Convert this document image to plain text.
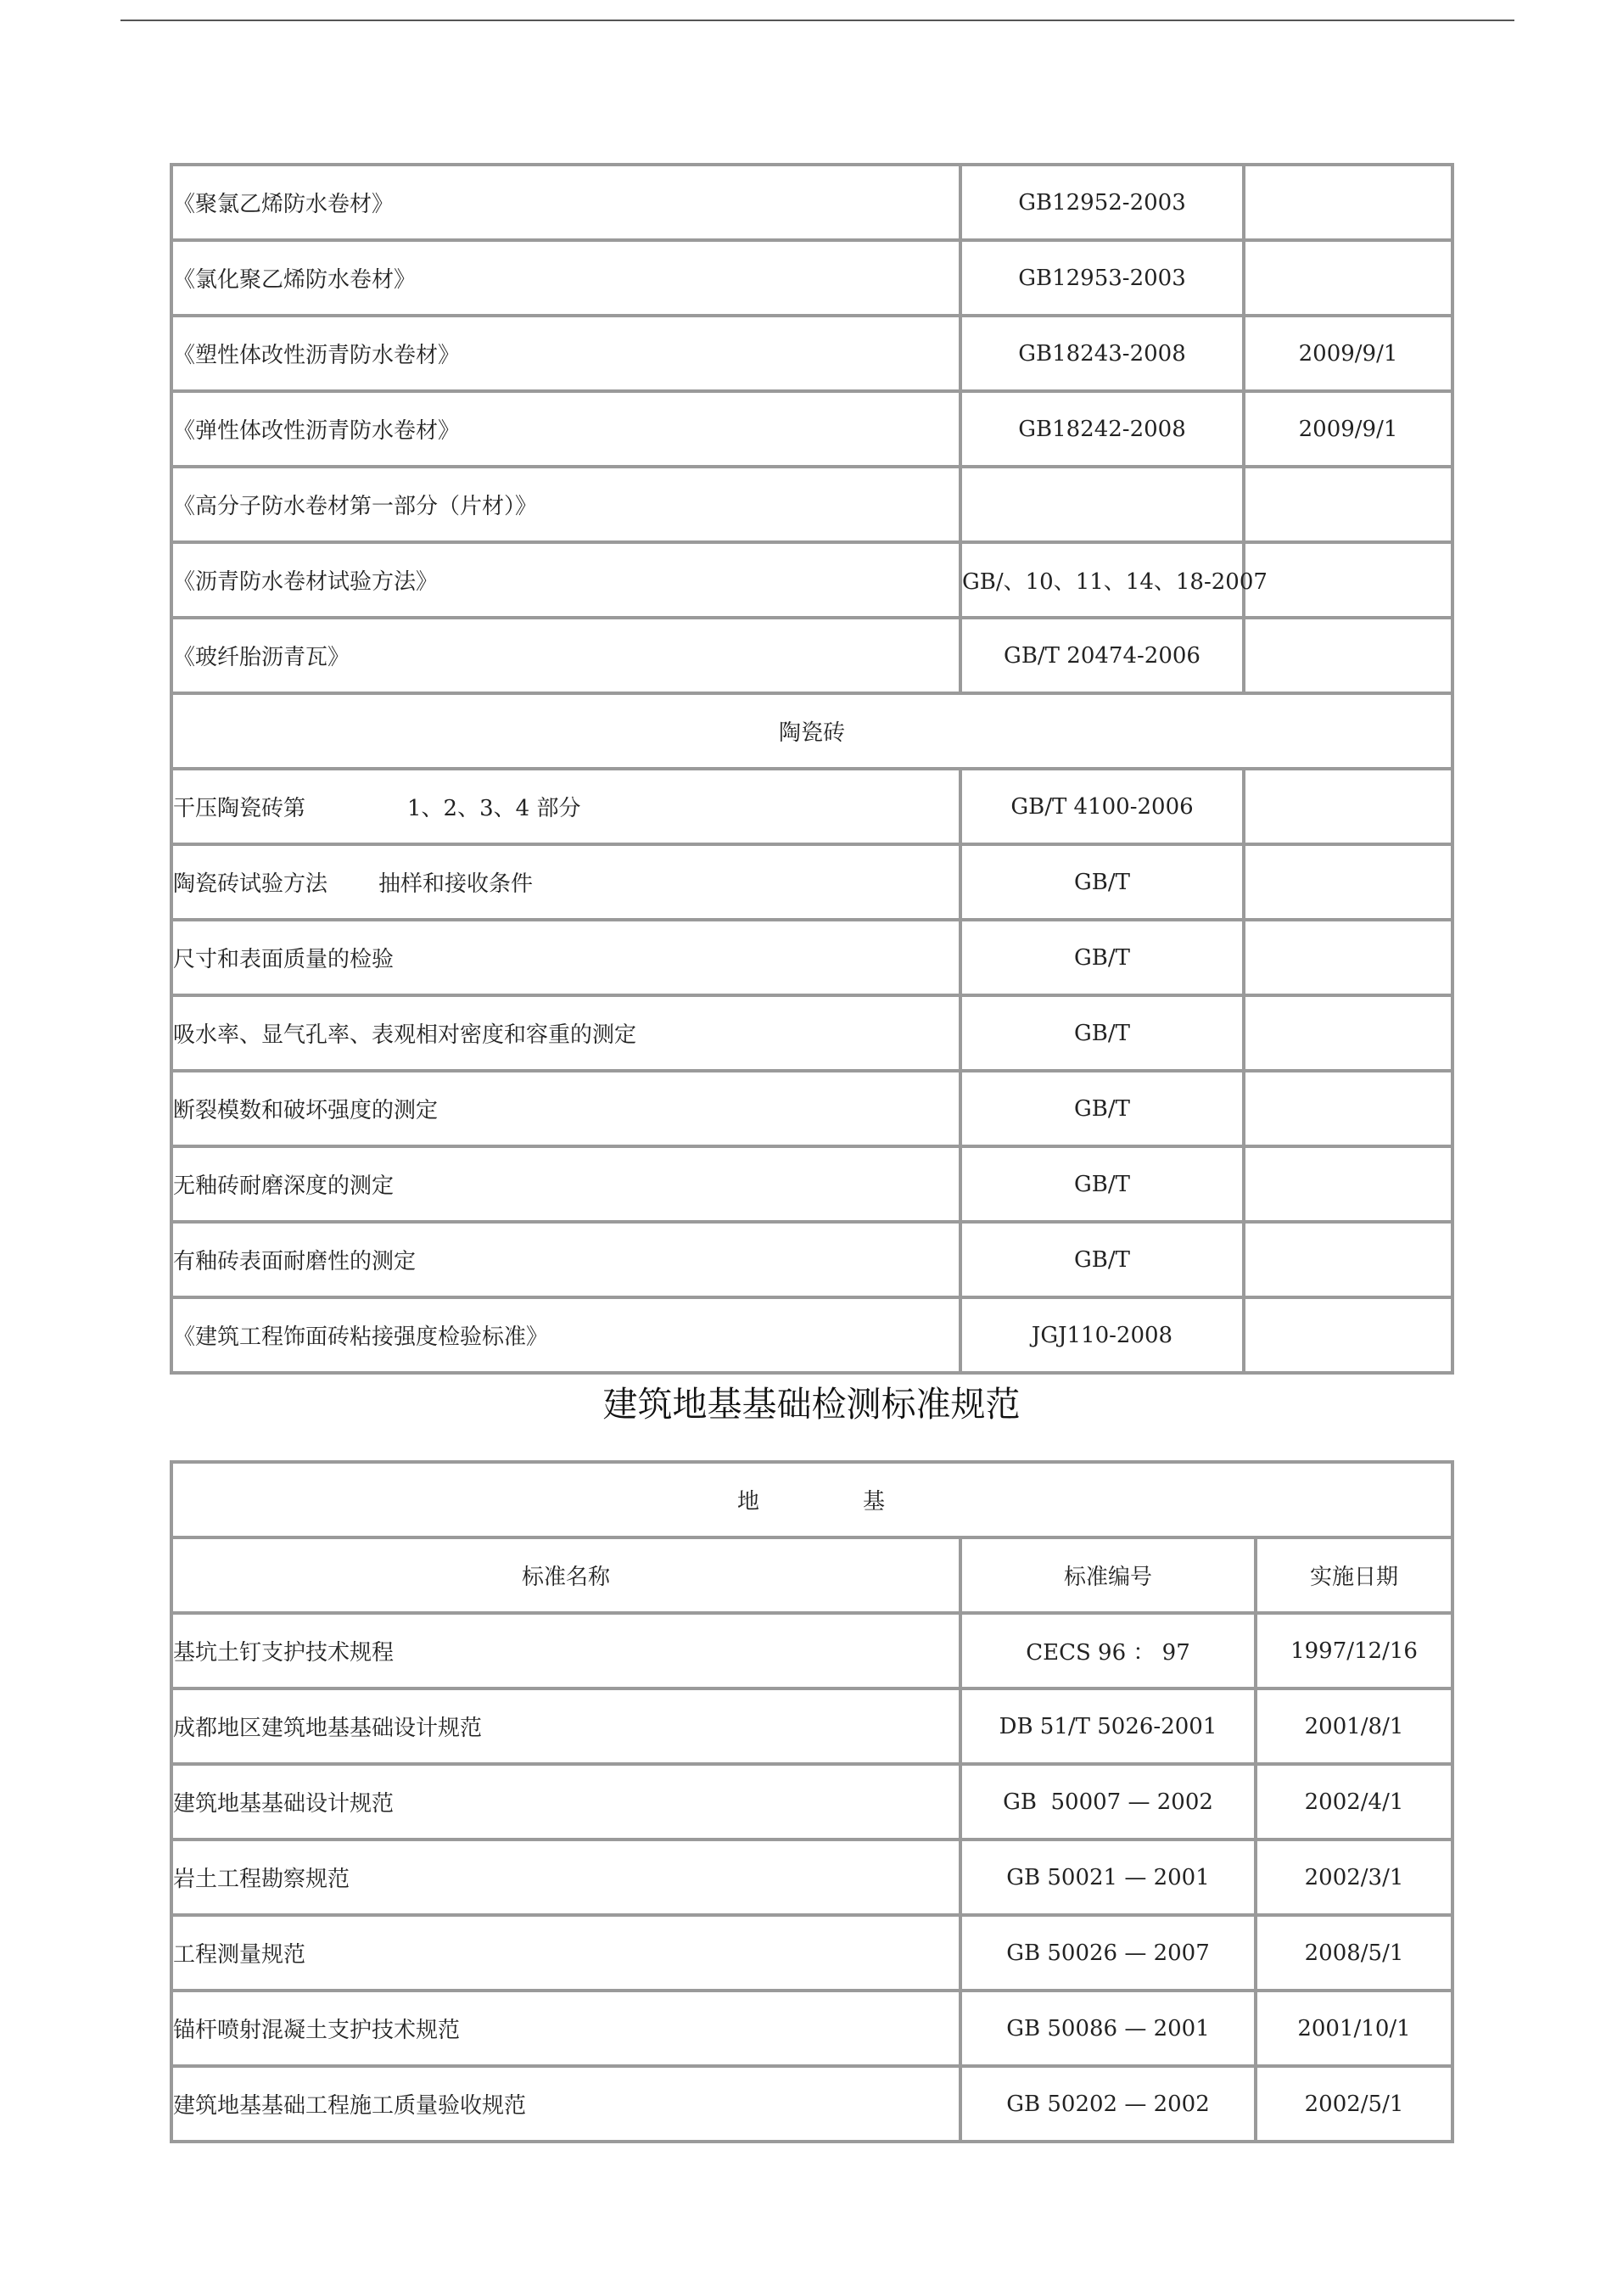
《聚氯乙烯防水卷材》	GB12952-2003	
《氯化聚乙烯防水卷材》	GB12953-2003	
《塑性体改性沥青防水卷材》	GB18243-2008	2009/9/1
《弹性体改性沥青防水卷材》	GB18242-2008	2009/9/1
《高分子防水卷材第一部分（片材）》		
《沥青防水卷材试验方法》	GB/、10、11、14、18-2007	
《玻纤胎沥青瓦》	GB/T 20474-2006	
陶瓷砖		
干压陶瓷砖第 1、2、3、4 部分	GB/T 4100-2006	
陶瓷砖试验方法 抽样和接收条件	GB/T	
尺寸和表面质量的检验	GB/T	
吸水率、显气孔率、表观相对密度和容重的测定	GB/T	
断裂模数和破坏强度的测定	GB/T	
无釉砖耐磨深度的测定	GB/T	
有釉砖表面耐磨性的测定	GB/T	
《建筑工程饰面砖粘接强度检验标准》	JGJ110-2008	
建筑地基基础检测标准规范
地 基		
标准名称	标准编号	实施日期
基坑土钉支护技术规程	CECS 96 ： 97	1997/12/16
成都地区建筑地基基础设计规范	DB 51/T 5026-2001	2001/8/1
建筑地基基础设计规范	GB  50007 — 2002	2002/4/1
岩土工程勘察规范	GB 50021 — 2001	2002/3/1
工程测量规范	GB 50026 — 2007	2008/5/1
锚杆喷射混凝土支护技术规范	GB 50086 — 2001	2001/10/1
建筑地基基础工程施工质量验收规范	GB 50202 — 2002	2002/5/1
